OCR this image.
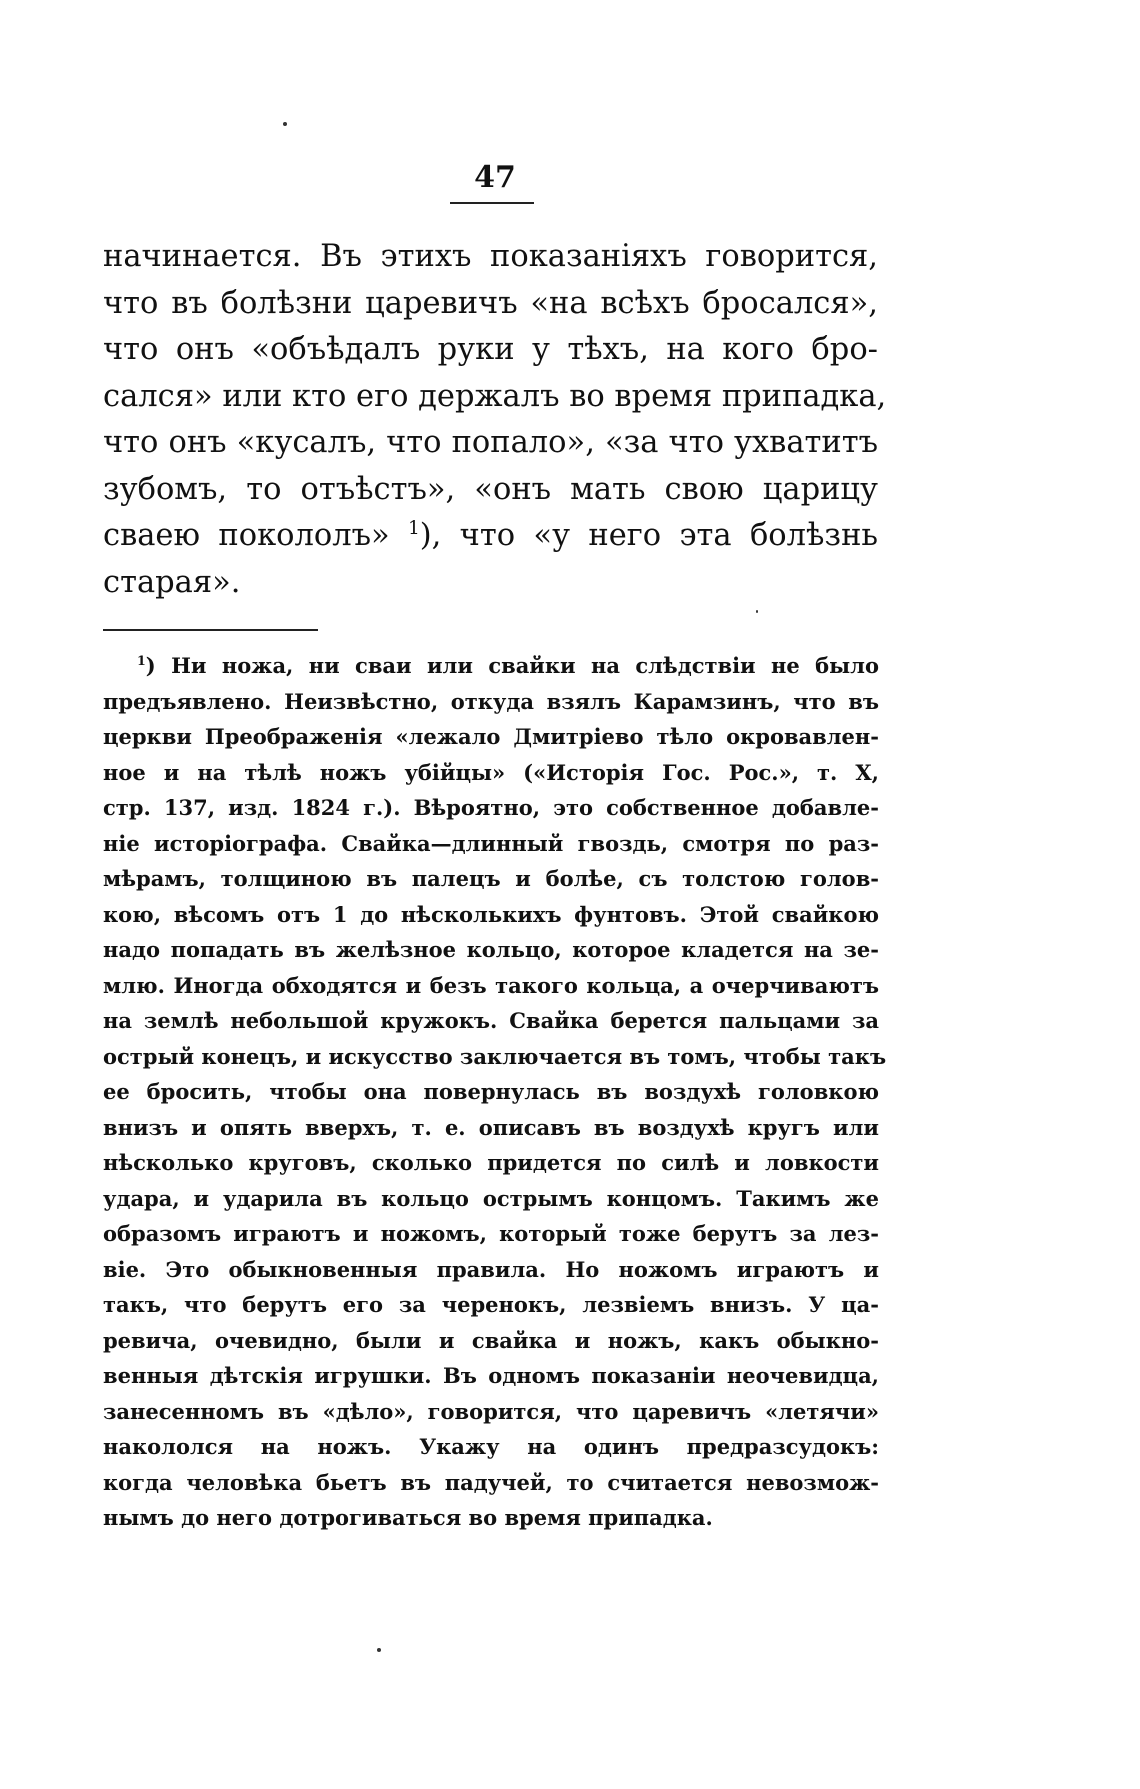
47
начинается. Въ этихъ показаніяхъ говорится,
что въ болѣзни царевичъ «на всѣхъ бросался»,
что онъ «объѣдалъ руки у тѣхъ, на кого бро-
сался» или кто его держалъ во время припадка,
что онъ «кусалъ, что попало», «за что ухватитъ
зубомъ, то отъѣстъ», «онъ мать свою царицу
сваею покололъ» $^1$), что «у него эта болѣзнь
старая».
$^1$) Ни ножа, ни сваи или свайки на слѣдствіи не было
предъявлено. Неизвѣстно, откуда взялъ Карамзинъ, что въ
церкви Преображенія «лежало Дмитріево тѣло окровавлен-
ное и на тѣлѣ ножъ убійцы» («Исторія Гос. Рос.», т. X,
стр. 137, изд. 1824 г.). Вѣроятно, это собственное добавле-
ніе исторіографа. Свайка—длинный гвоздь, смотря по раз-
мѣрамъ, толщиною въ палецъ и болѣе, съ толстою голов-
кою, вѣсомъ отъ 1 до нѣсколькихъ фунтовъ. Этой свайкою
надо попадать въ желѣзное кольцо, которое кладется на зе-
млю. Иногда обходятся и безъ такого кольца, а очерчиваютъ
на землѣ небольшой кружокъ. Свайка берется пальцами за
острый конецъ, и искусство заключается въ томъ, чтобы такъ
ее бросить, чтобы она повернулась въ воздухѣ головкою
внизъ и опять вверхъ, т. е. описавъ въ воздухѣ кругъ или
нѣсколько круговъ, сколько придется по силѣ и ловкости
удара, и ударила въ кольцо острымъ концомъ. Такимъ же
образомъ играютъ и ножомъ, который тоже берутъ за лез-
віе. Это обыкновенныя правила. Но ножомъ играютъ и
такъ, что берутъ его за черенокъ, лезвіемъ внизъ. У ца-
ревича, очевидно, были и свайка и ножъ, какъ обыкно-
венныя дѣтскія игрушки. Въ одномъ показаніи неочевидца,
занесенномъ въ «дѣло», говорится, что царевичъ «летячи»
накололся на ножъ. Укажу на одинъ предразсудокъ:
когда человѣка бьетъ въ падучей, то считается невозмож-
нымъ до него дотрогиваться во время припадка.
